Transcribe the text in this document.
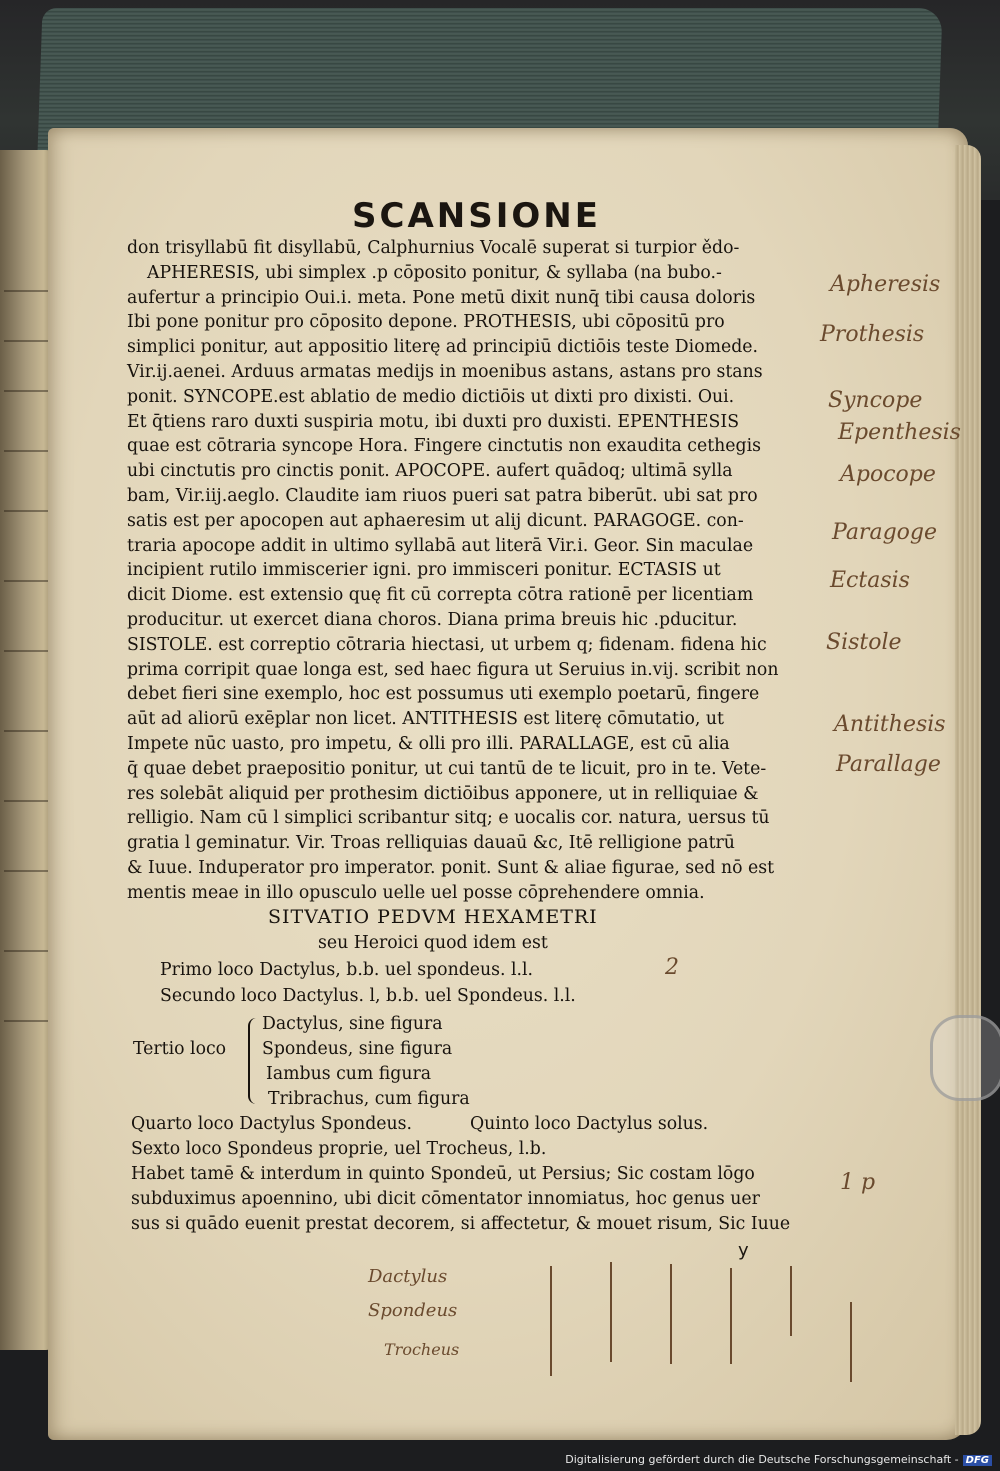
SCANSIONE
don trisyllabū fit disyllabū, Calphurnius Vocalē superat si turpior ědo-
APHERESIS, ubi simplex .p cōposito ponitur, & syllaba (na bubo.-
aufertur a principio Oui.i. meta. Pone metū dixit nunq̄ tibi causa doloris
Ibi pone ponitur pro cōposito depone. PROTHESIS, ubi cōpositū pro
simplici ponitur, aut appositio literę ad principiū dictiōis teste Diomede.
Vir.ij.aenei. Arduus armatas medijs in moenibus astans, astans pro stans
ponit. SYNCOPE.est ablatio de medio dictiōis ut dixti pro dixisti. Oui.
Et q̄tiens raro duxti suspiria motu, ibi duxti pro duxisti. EPENTHESIS
quae est cōtraria syncope Hora. Fingere cinctutis non exaudita cethegis
ubi cinctutis pro cinctis ponit. APOCOPE. aufert quādoq; ultimā sylla
bam, Vir.iij.aeglo. Claudite iam riuos pueri sat patra biberūt. ubi sat pro
satis est per apocopen aut aphaeresim ut alij dicunt. PARAGOGE. con-
traria apocope addit in ultimo syllabā aut literā Vir.i. Geor. Sin maculae
incipient rutilo immiscerier igni. pro immisceri ponitur. ECTASIS ut
dicit Diome. est extensio quę fit cū correpta cōtra rationē per licentiam
producitur. ut exercet diana choros. Diana prima breuis hic .pducitur.
SISTOLE. est correptio cōtraria hiectasi, ut urbem q; fidenam. fidena hic
prima corripit quae longa est, sed haec figura ut Seruius in.vij. scribit non
debet fieri sine exemplo, hoc est possumus uti exemplo poetarū, fingere
aūt ad aliorū exēplar non licet. ANTITHESIS est literę cōmutatio, ut
Impete nūc uasto, pro impetu, & olli pro illi. PARALLAGE, est cū alia
q̄ quae debet praepositio ponitur, ut cui tantū de te licuit, pro in te. Vete-
res solebāt aliquid per prothesim dictiōibus apponere, ut in relliquiae &
relligio. Nam cū l simplici scribantur sitq; e uocalis cor. natura, uersus tū
gratia l geminatur. Vir. Troas relliquias dauaū &c, Itē relligione patrū
& Iuue. Induperator pro imperator. ponit. Sunt & aliae figurae, sed nō est
mentis meae in illo opusculo uelle uel posse cōprehendere omnia.
SITVATIO PEDVM HEXAMETRI
seu Heroici quod idem est
Primo loco Dactylus, b.b. uel spondeus. l.l.
Secundo loco Dactylus. l, b.b. uel Spondeus. l.l.
Dactylus, sine figura
Tertio loco Spondeus, sine figura
Iambus cum figura
Tribrachus, cum figura
Quarto loco Dactylus Spondeus.	Quinto loco Dactylus solus.
Sexto loco Spondeus proprie, uel Trocheus, l.b.
Habet tamē & interdum in quinto Spondeū, ut Persius; Sic costam lōgo
subduximus apoennino, ubi dicit cōmentator innomiatus, hoc genus uer
sus si quādo euenit prestat decorem, si affectetur, & mouet risum, Sic Iuue
y
Apheresis
Prothesis
Syncope
Epenthesis
Apocope
Paragoge
Ectasis
Sistole
Antithesis
Parallage
2
1 p
Dactylus
Spondeus
Trocheus
Digitalisierung gefördert durch die Deutsche Forschungsgemeinschaft - DFG
